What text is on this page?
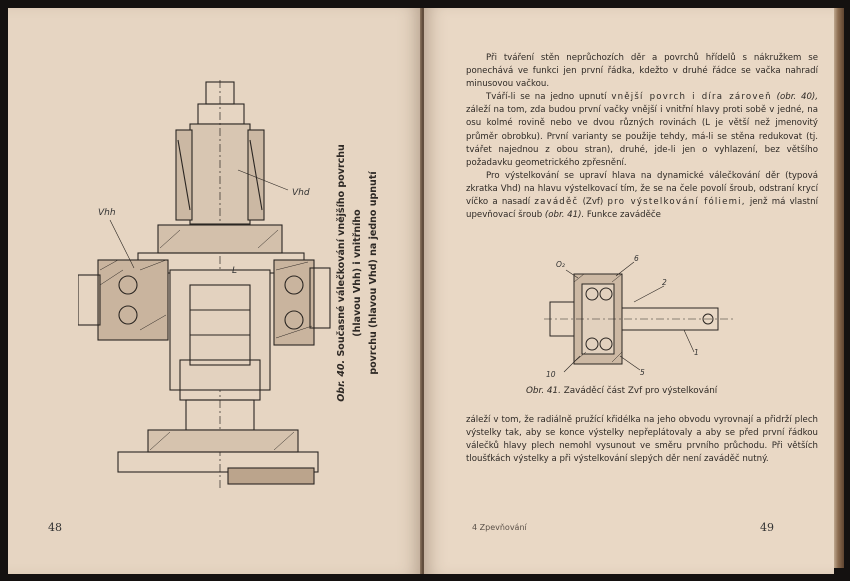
Vhh
Vhd
L
Obr. 40. Současné válečkování vnějšího povrchu (hlavou Vhh) i vnitřního povrchu (hlavou Vhd) na jedno upnutí
48

Při tváření stěn neprůchozích děr a povrchů hřídelů s nákružkem se ponechává ve funkci jen první řádka, kdežto v druhé řádce se vačka nahradí minusovou vačkou.

Tváří-li se na jedno upnutí vnější povrch i díra zároveň (obr. 40), záleží na tom, zda budou první vačky vnější i vnitřní hlavy proti sobě v jedné, na osu kolmé rovině nebo ve dvou různých rovinách (L je větší než jmenovitý průměr obrobku). První varianty se použije tehdy, má-li se stěna redukovat (tj. tvářet najednou z obou stran), druhé, jde-li jen o vyhlazení, bez většího požadavku geometrického zpřesnění.

Pro výstelkování se upraví hlava na dynamické válečkování děr (typová zkratka Vhd) na hlavu výstelkovací tím, že se na čele povolí šroub, odstraní krycí víčko a nasadí zaváděč (Zvf) pro výstelkování fóliemi, jenž má vlastní upevňovací šroub (obr. 41). Funkce zaváděče

O₂
6
2
1
5
10
Obr. 41. Zaváděcí část Zvf pro výstelkování

záleží v tom, že radiálně pružící křidélka na jeho obvodu vyrovnají a přidrží plech výstelky tak, aby se konce výstelky nepřeplátovaly a aby se před první řádkou válečků hlavy plech nemohl vysunout ve směru prvního průchodu. Při větších tloušťkách výstelky a při výstelkování slepých děr není zaváděč nutný.

4 Zpevňování	49
